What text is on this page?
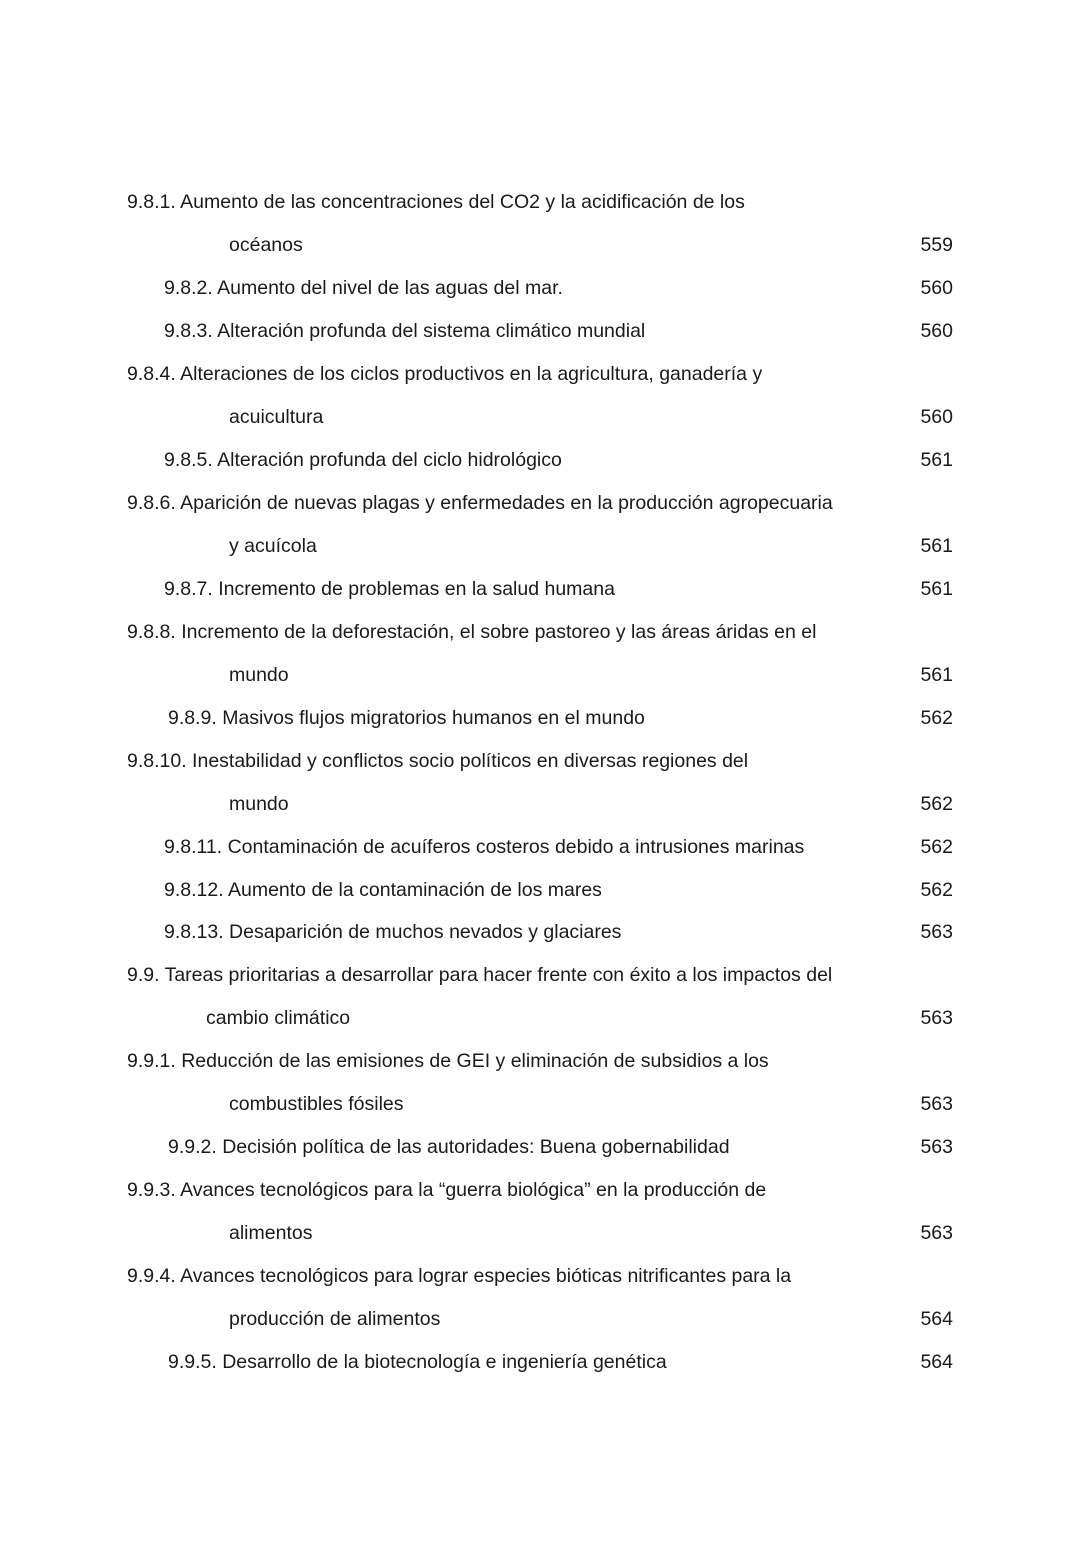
9.8.1. Aumento de las concentraciones del CO2 y la acidificación de los
océanos	559
9.8.2. Aumento del nivel de las aguas del mar.	560
9.8.3. Alteración profunda del sistema climático mundial	560
9.8.4. Alteraciones de los ciclos productivos en la agricultura, ganadería y
acuicultura	560
9.8.5. Alteración profunda del ciclo hidrológico	561
9.8.6. Aparición de nuevas plagas y enfermedades en la producción agropecuaria
y acuícola	561
9.8.7. Incremento de problemas en la salud humana	561
9.8.8. Incremento de la deforestación, el sobre pastoreo y las áreas áridas en el
mundo	561
9.8.9. Masivos flujos migratorios humanos en el mundo	562
9.8.10. Inestabilidad y conflictos socio políticos en diversas regiones del
mundo	562
9.8.11. Contaminación de acuíferos costeros debido a intrusiones marinas	562
9.8.12. Aumento de la contaminación de los mares	562
9.8.13. Desaparición de muchos nevados y glaciares	563
9.9. Tareas prioritarias a desarrollar para hacer frente con éxito a los impactos del
cambio climático	563
9.9.1. Reducción de las emisiones de GEI y eliminación de subsidios a los
combustibles fósiles	563
9.9.2. Decisión política de las autoridades: Buena gobernabilidad	563
9.9.3. Avances tecnológicos para la “guerra biológica” en la producción de
alimentos	563
9.9.4. Avances tecnológicos para lograr especies bióticas nitrificantes para la
producción de alimentos	564
9.9.5. Desarrollo de la biotecnología e ingeniería genética	564
